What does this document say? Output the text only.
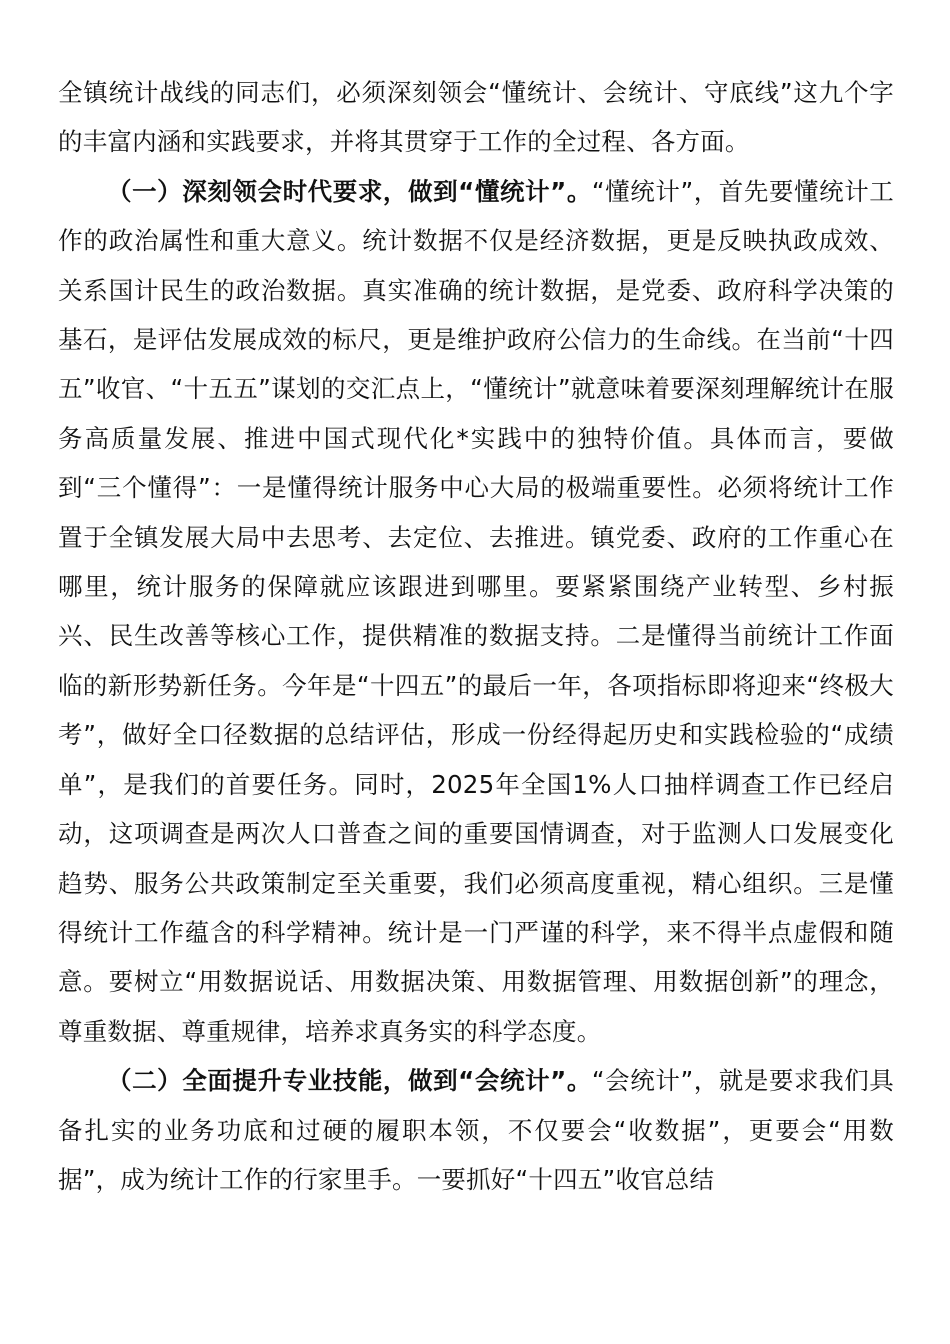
全镇统计战线的同志们，必须深刻领会“懂统计、会统计、守底线”这九个字的丰富内涵和实践要求，并将其贯穿于工作的全过程、各方面。

（一）深刻领会时代要求，做到“懂统计”。“懂统计”，首先要懂统计工作的政治属性和重大意义。统计数据不仅是经济数据，更是反映执政成效、关系国计民生的政治数据。真实准确的统计数据，是党委、政府科学决策的基石，是评估发展成效的标尺，更是维护政府公信力的生命线。在当前“十四五”收官、“十五五”谋划的交汇点上，“懂统计”就意味着要深刻理解统计在服务高质量发展、推进中国式现代化*实践中的独特价值。具体而言，要做到“三个懂得”：一是懂得统计服务中心大局的极端重要性。必须将统计工作置于全镇发展大局中去思考、去定位、去推进。镇党委、政府的工作重心在哪里，统计服务的保障就应该跟进到哪里。要紧紧围绕产业转型、乡村振兴、民生改善等核心工作，提供精准的数据支持。二是懂得当前统计工作面临的新形势新任务。今年是“十四五”的最后一年，各项指标即将迎来“终极大考”，做好全口径数据的总结评估，形成一份经得起历史和实践检验的“成绩单”，是我们的首要任务。同时，2025年全国1%人口抽样调查工作已经启动，这项调查是两次人口普查之间的重要国情调查，对于监测人口发展变化趋势、服务公共政策制定至关重要，我们必须高度重视，精心组织。三是懂得统计工作蕴含的科学精神。统计是一门严谨的科学，来不得半点虚假和随意。要树立“用数据说话、用数据决策、用数据管理、用数据创新”的理念，尊重数据、尊重规律，培养求真务实的科学态度。

（二）全面提升专业技能，做到“会统计”。“会统计”，就是要求我们具备扎实的业务功底和过硬的履职本领，不仅要会“收数据”，更要会“用数据”，成为统计工作的行家里手。一要抓好“十四五”收官总结
